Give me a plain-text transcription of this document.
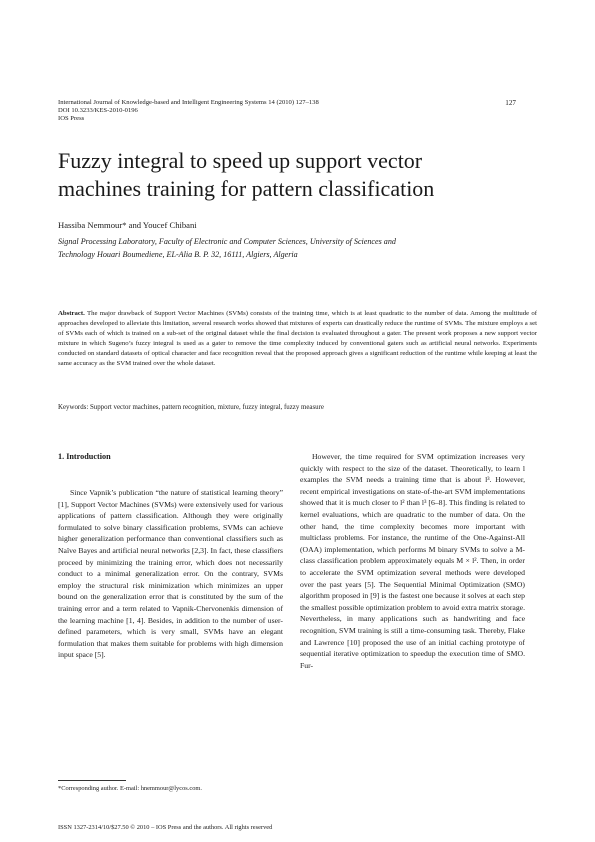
International Journal of Knowledge-based and Intelligent Engineering Systems 14 (2010) 127–138
DOI 10.3233/KES-2010-0196
IOS Press
127
Fuzzy integral to speed up support vector
machines training for pattern classification
Hassiba Nemmour* and Youcef Chibani
Signal Processing Laboratory, Faculty of Electronic and Computer Sciences, University of Sciences and
Technology Houari Boumediene, EL-Alia B. P. 32, 16111, Algiers, Algeria

Abstract. The major drawback of Support Vector Machines (SVMs) consists of the training time, which is at least quadratic to the number of data. Among the multitude of approaches developed to alleviate this limitation, several research works showed that mixtures of experts can drastically reduce the runtime of SVMs. The mixture employs a set of SVMs each of which is trained on a sub-set of the original dataset while the final decision is evaluated throughout a gater. The present work proposes a new support vector mixture in which Sugeno’s fuzzy integral is used as a gater to remove the time complexity induced by conventional gaters such as artificial neural networks. Experiments conducted on standard datasets of optical character and face recognition reveal that the proposed approach gives a significant reduction of the runtime while keeping at least the same accuracy as the SVM trained over the whole dataset.

Keywords: Support vector machines, pattern recognition, mixture, fuzzy integral, fuzzy measure
1. Introduction

Since Vapnik’s publication “the nature of statistical learning theory” [1], Support Vector Machines (SVMs) were extensively used for various applications of pattern classification. Although they were originally formulated to solve binary classification problems, SVMs can achieve higher generalization performance than conventional classifiers such as Naïve Bayes and artificial neural networks [2,3]. In fact, these classifiers proceed by minimizing the training error, which does not necessarily conduct to a minimal generalization error. On the contrary, SVMs employ the structural risk minimization which minimizes an upper bound on the generalization error that is constituted by the sum of the training error and a term related to Vapnik-Chervonenkis dimension of the learning machine [1, 4]. Besides, in addition to the number of user-defined parameters, which is very small, SVMs have an elegant formulation that makes them suitable for problems with high dimension input space [5].

However, the time required for SVM optimization increases very quickly with respect to the size of the dataset. Theoretically, to learn l examples the SVM needs a training time that is about l³. However, recent empirical investigations on state-of-the-art SVM implementations showed that it is much closer to l² than l³ [6–8]. This finding is related to kernel evaluations, which are quadratic to the number of data. On the other hand, the time complexity becomes more important with multiclass problems. For instance, the runtime of the One-Against-All (OAA) implementation, which performs M binary SVMs to solve a M-class classification problem approximately equals M × l². Then, in order to accelerate the SVM optimization several methods were developed over the past years [5]. The Sequential Minimal Optimization (SMO) algorithm proposed in [9] is the fastest one because it solves at each step the smallest possible optimization problem to avoid extra matrix storage. Nevertheless, in many applications such as handwriting and face recognition, SVM training is still a time-consuming task. Thereby, Flake and Lawrence [10] proposed the use of an initial caching prototype of sequential iterative optimization to speedup the execution time of SMO. Fur-

*Corresponding author. E-mail: hnemmour@lycos.com.
ISSN 1327-2314/10/$27.50 © 2010 – IOS Press and the authors. All rights reserved
